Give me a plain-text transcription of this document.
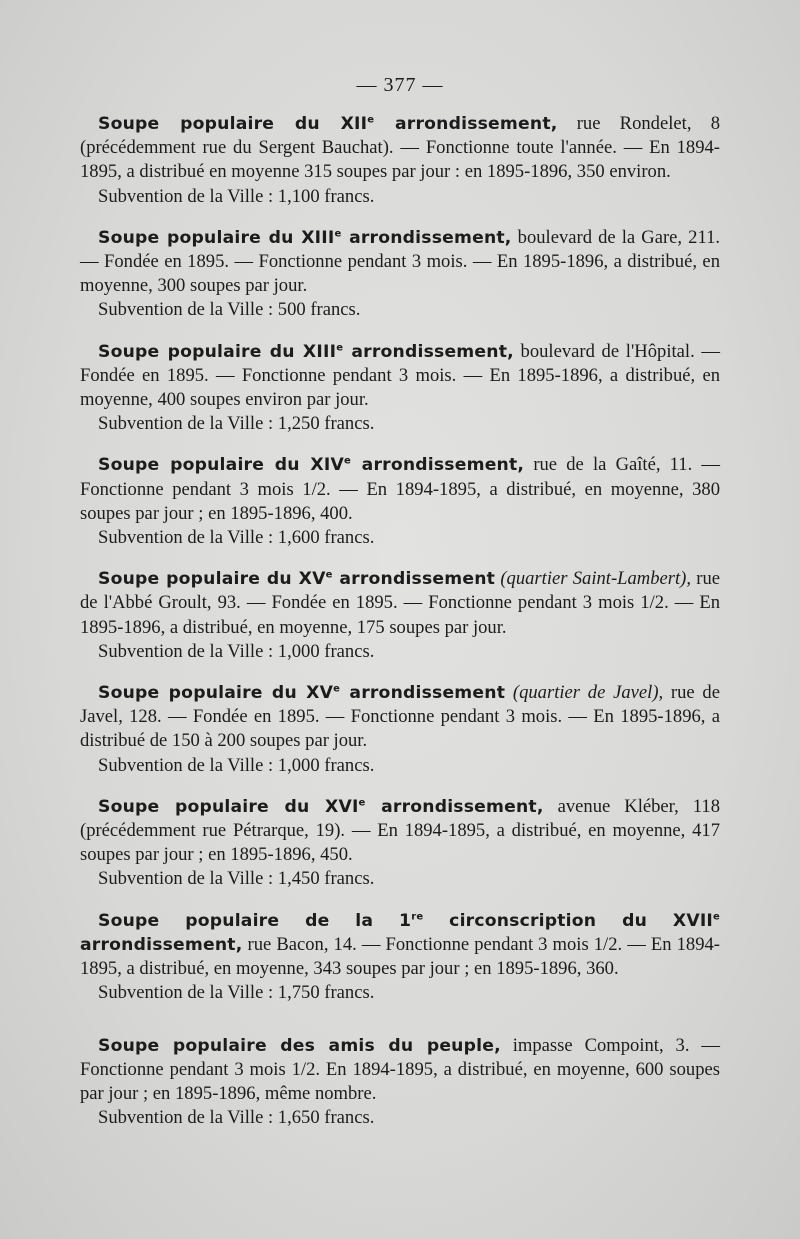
— 377 —

Soupe populaire du XIIe arrondissement, rue Rondelet, 8 (précédemment rue du Sergent Bauchat). — Fonctionne toute l'année. — En 1894-1895, a distribué en moyenne 315 soupes par jour : en 1895-1896, 350 environ.

Subvention de la Ville : 1,100 francs.

Soupe populaire du XIIIe arrondissement, boulevard de la Gare, 211. — Fondée en 1895. — Fonctionne pendant 3 mois. — En 1895-1896, a distribué, en moyenne, 300 soupes par jour.

Subvention de la Ville : 500 francs.

Soupe populaire du XIIIe arrondissement, boulevard de l'Hôpital. — Fondée en 1895. — Fonctionne pendant 3 mois. — En 1895-1896, a distribué, en moyenne, 400 soupes environ par jour.

Subvention de la Ville : 1,250 francs.

Soupe populaire du XIVe arrondissement, rue de la Gaîté, 11. — Fonctionne pendant 3 mois 1/2. — En 1894-1895, a distribué, en moyenne, 380 soupes par jour ; en 1895-1896, 400.

Subvention de la Ville : 1,600 francs.

Soupe populaire du XVe arrondissement (quartier Saint-Lambert), rue de l'Abbé Groult, 93. — Fondée en 1895. — Fonctionne pendant 3 mois 1/2. — En 1895-1896, a distribué, en moyenne, 175 soupes par jour.

Subvention de la Ville : 1,000 francs.

Soupe populaire du XVe arrondissement (quartier de Javel), rue de Javel, 128. — Fondée en 1895. — Fonctionne pendant 3 mois. — En 1895-1896, a distribué de 150 à 200 soupes par jour.

Subvention de la Ville : 1,000 francs.

Soupe populaire du XVIe arrondissement, avenue Kléber, 118 (précédemment rue Pétrarque, 19). — En 1894-1895, a distribué, en moyenne, 417 soupes par jour ; en 1895-1896, 450.

Subvention de la Ville : 1,450 francs.

Soupe populaire de la 1re circonscription du XVIIe arrondissement, rue Bacon, 14. — Fonctionne pendant 3 mois 1/2. — En 1894-1895, a distribué, en moyenne, 343 soupes par jour ; en 1895-1896, 360.

Subvention de la Ville : 1,750 francs.

Soupe populaire des amis du peuple, impasse Compoint, 3. — Fonctionne pendant 3 mois 1/2. En 1894-1895, a distribué, en moyenne, 600 soupes par jour ; en 1895-1896, même nombre.

Subvention de la Ville : 1,650 francs.
